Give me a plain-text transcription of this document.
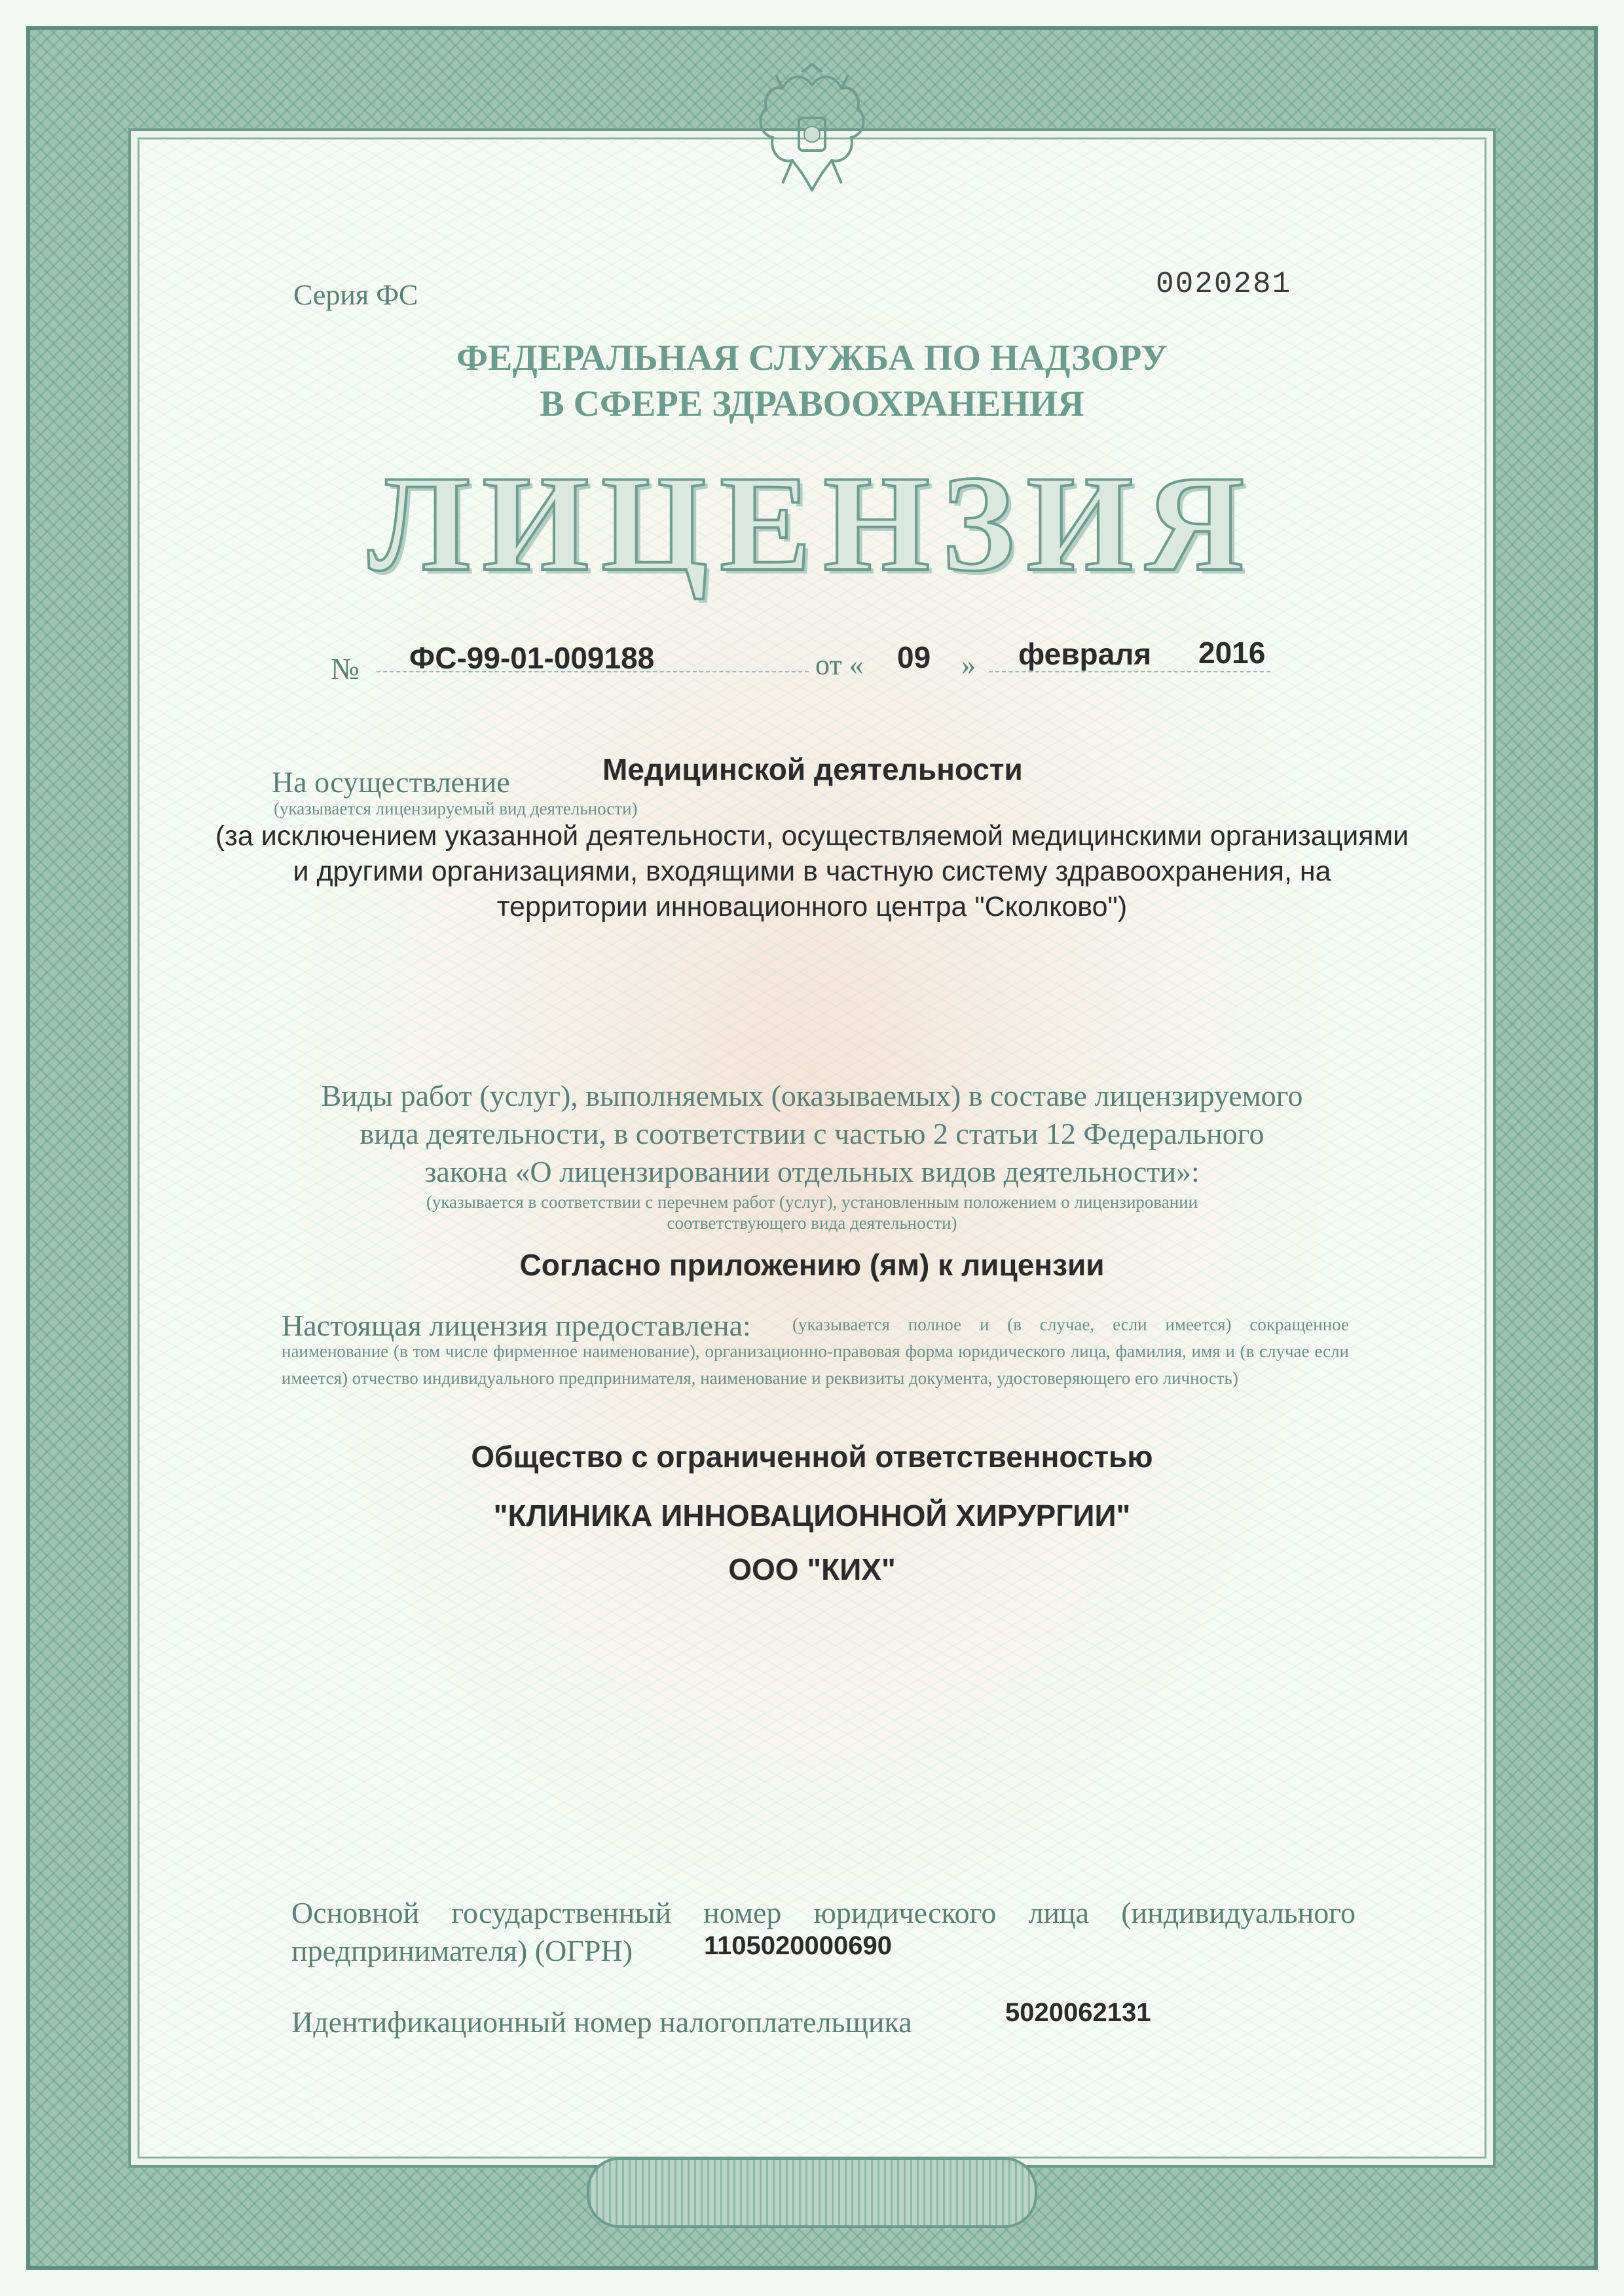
Серия ФС	0020281
ФЕДЕРАЛЬНАЯ СЛУЖБА ПО НАДЗОРУ
В СФЕРЕ ЗДРАВООХРАНЕНИЯ
ЛИЦЕНЗИЯ
№ ФС-99-01-009188	от « 09 » февраля 2016
На осуществление	Медицинской деятельности
(указывается лицензируемый вид деятельности)
(за исключением указанной деятельности, осуществляемой медицинскими организациями
и другими организациями, входящими в частную систему здравоохранения, на
территории инновационного центра "Сколково")
Виды работ (услуг), выполняемых (оказываемых) в составе лицензируемого
вида деятельности, в соответствии с частью 2 статьи 12 Федерального
закона «О лицензировании отдельных видов деятельности»:
(указывается в соответствии с перечнем работ (услуг), установленным положением о лицензировании
соответствующего вида деятельности)
Согласно приложению (ям) к лицензии
Настоящая лицензия предоставлена:	(указывается полное и (в случае, если имеется) сокращенное наименование (в том числе фирменное наименование), организационно-правовая форма юридического лица, фамилия, имя и (в случае если имеется) отчество индивидуального предпринимателя, наименование и реквизиты документа, удостоверяющего его личность)
Общество с ограниченной ответственностью
"КЛИНИКА ИННОВАЦИОННОЙ ХИРУРГИИ"
ООО "КИХ"
Основной государственный номер юридического лица (индивидуального предпринимателя) (ОГРН)	1105020000690
Идентификационный номер налогоплательщика	5020062131
